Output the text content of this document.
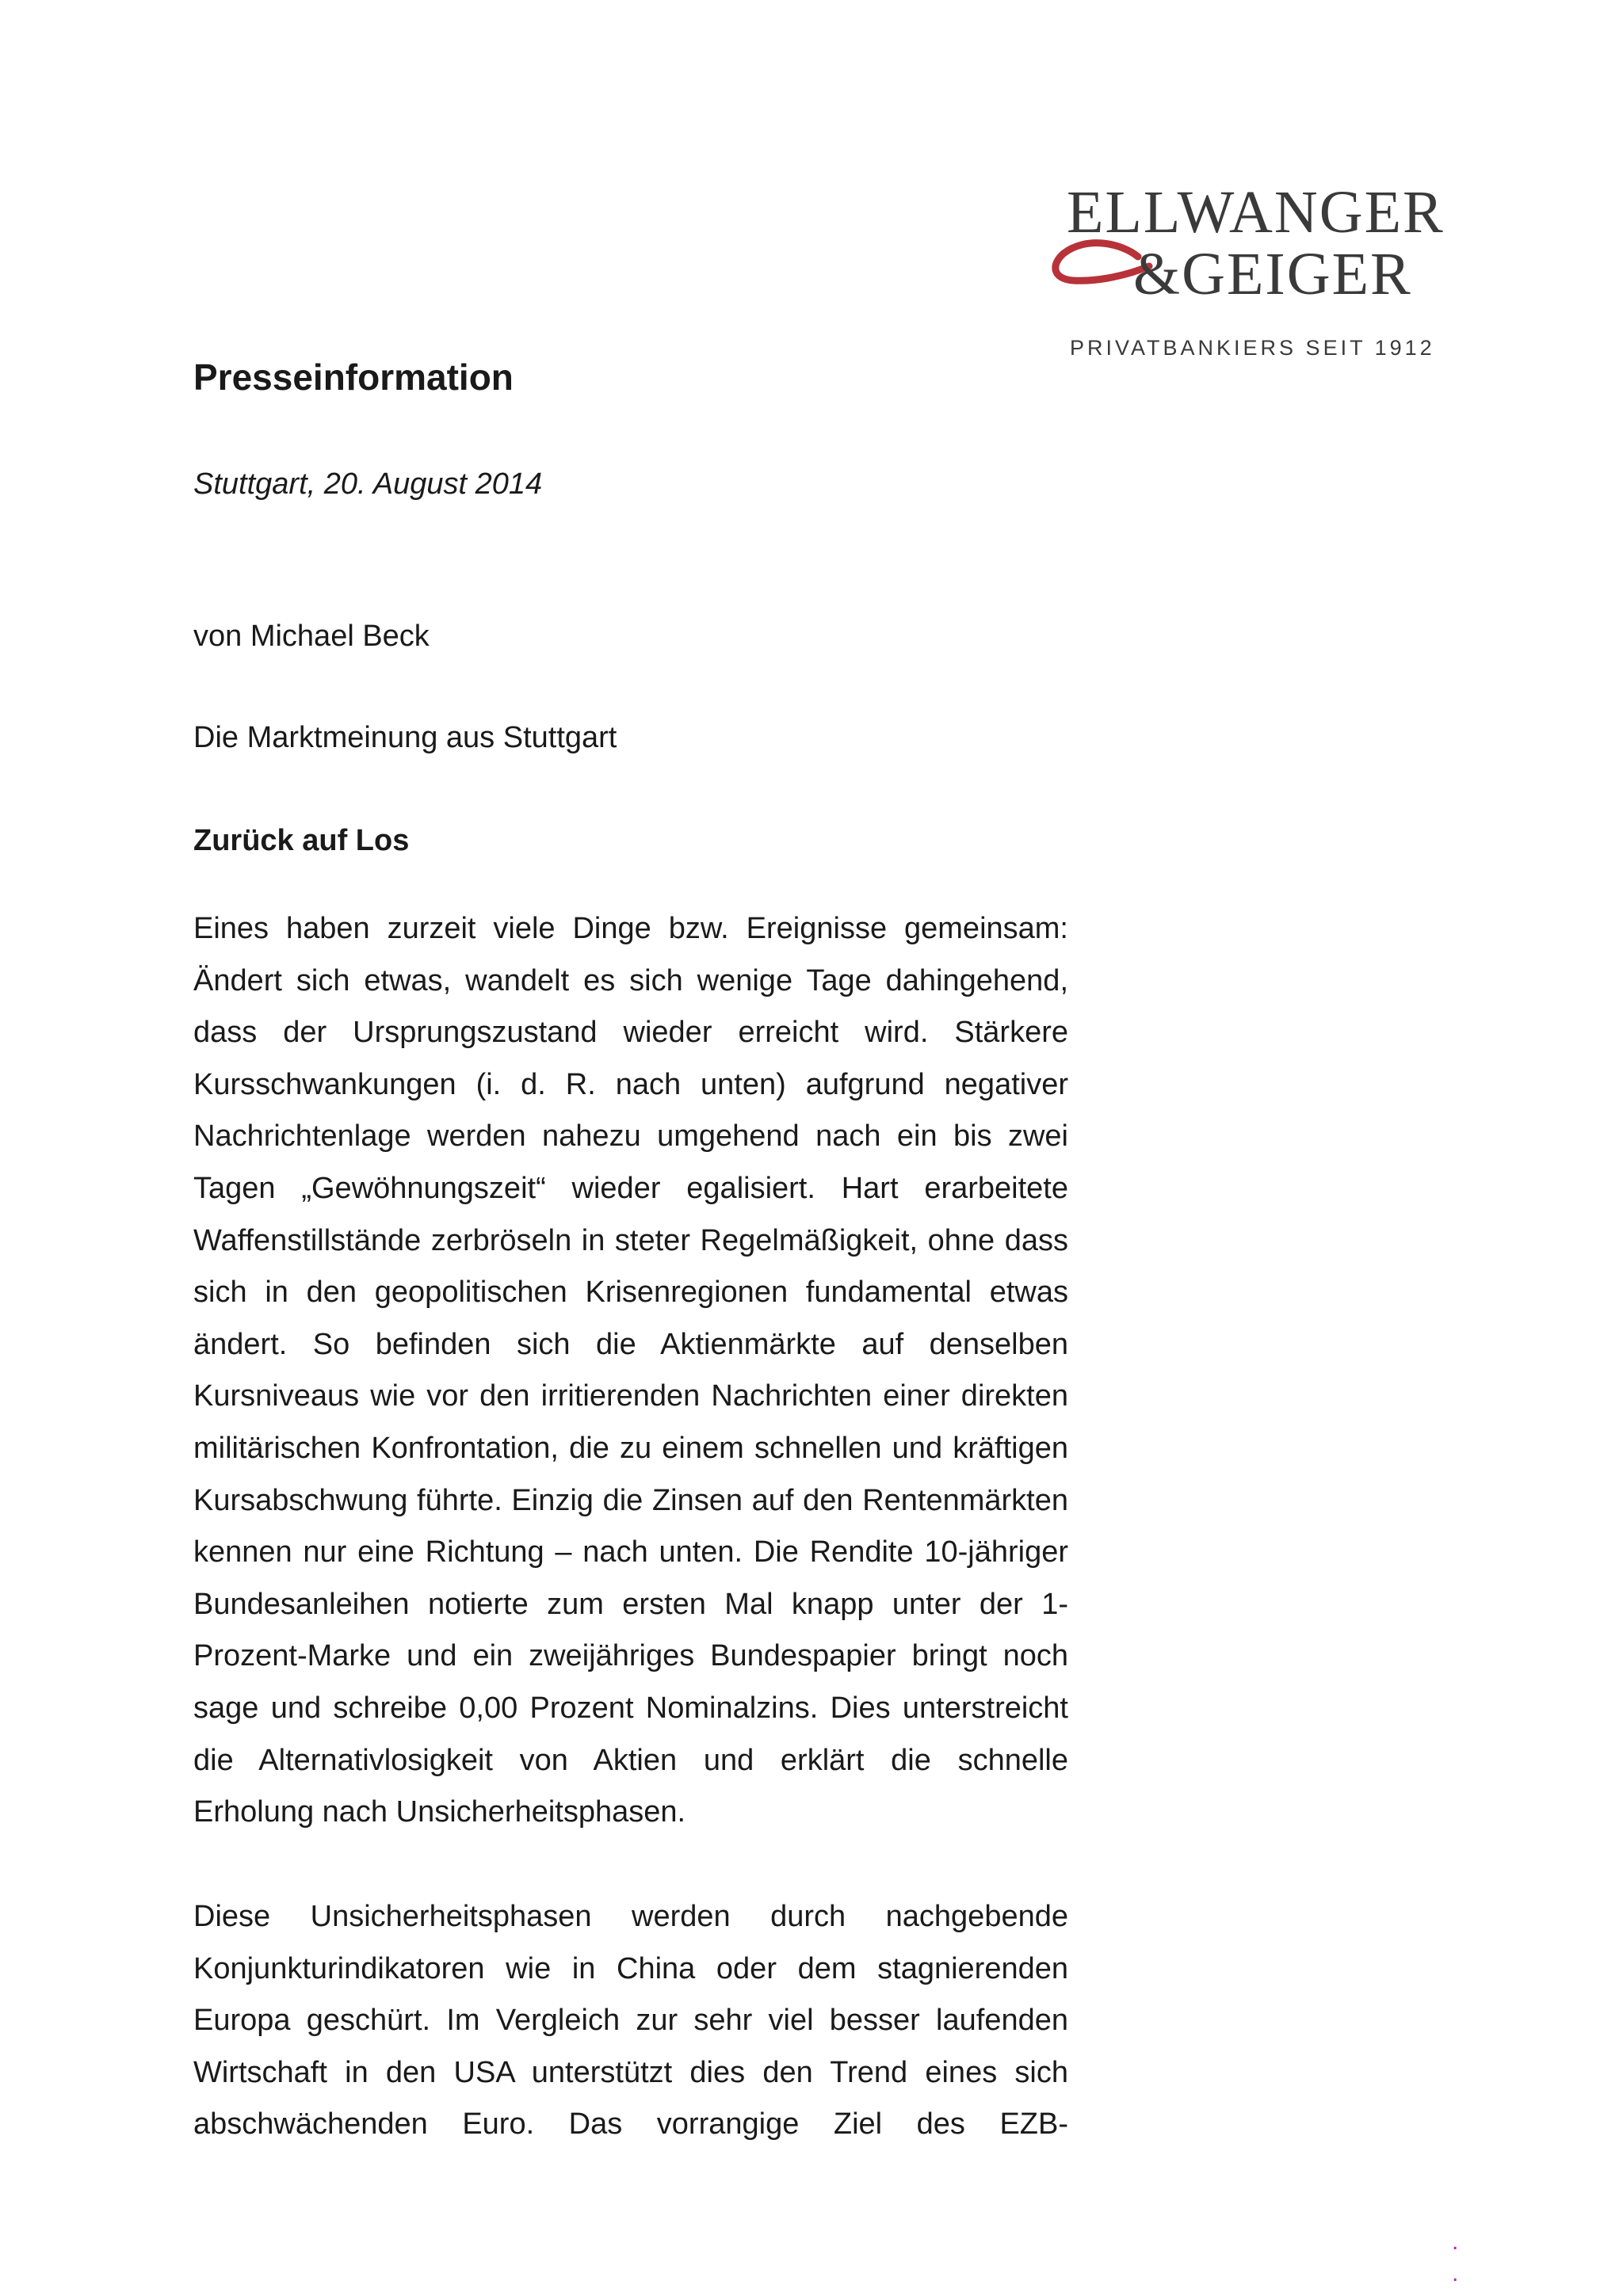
ELLWANGER
&GEIGER
PRIVATBANKIERS SEIT 1912
Presseinformation
Stuttgart, 20. August 2014
von Michael Beck
Die Marktmeinung aus Stuttgart
Zurück auf Los

Eines haben zurzeit viele Dinge bzw. Ereignisse gemeinsam: Ändert sich etwas, wandelt es sich wenige Tage dahingehend, dass der Ursprungszustand wieder erreicht wird. Stärkere Kursschwankungen (i. d. R. nach unten) aufgrund negativer Nachrichtenlage werden nahezu umgehend nach ein bis zwei Tagen „Gewöhnungszeit“ wieder egalisiert. Hart erarbeitete Waffenstillstände zerbröseln in steter Regelmäßigkeit, ohne dass sich in den geopolitischen Krisenregionen fundamental etwas ändert. So befinden sich die Aktienmärkte auf denselben Kursniveaus wie vor den irritierenden Nachrichten einer direkten militärischen Konfrontation, die zu einem schnellen und kräftigen Kursabschwung führte. Einzig die Zinsen auf den Rentenmärkten kennen nur eine Richtung – nach unten. Die Rendite 10-jähriger Bundesanleihen notierte zum ersten Mal knapp unter der 1-Prozent-Marke und ein zweijähriges Bundespapier bringt noch sage und schreibe 0,00 Prozent Nominalzins. Dies unterstreicht die Alternativlosigkeit von Aktien und erklärt die schnelle Erholung nach Unsicherheitsphasen.

Diese Unsicherheitsphasen werden durch nachgebende Konjunkturindikatoren wie in China oder dem stagnierenden Europa geschürt. Im Vergleich zur sehr viel besser laufenden Wirtschaft in den USA unterstützt dies den Trend eines sich abschwächenden Euro. Das vorrangige Ziel des EZB-

.
.
